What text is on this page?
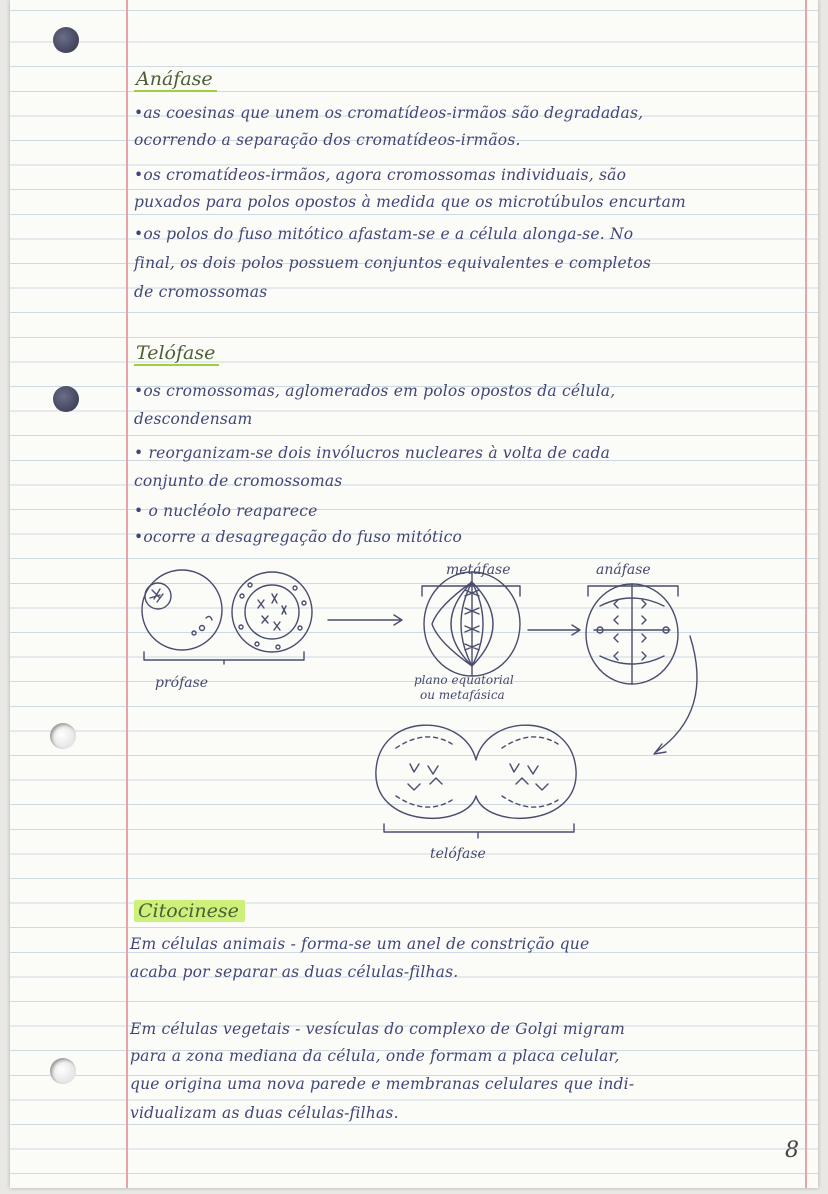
Anáfase
•as coesinas que unem os cromatídeos-irmãos são degradadas,
ocorrendo a separação dos cromatídeos-irmãos.
•os cromatídeos-irmãos, agora cromossomas individuais, são
puxados para polos opostos à medida que os microtúbulos encurtam
•os polos do fuso mitótico afastam-se e a célula alonga-se. No
final, os dois polos possuem conjuntos equivalentes e completos
de cromossomas
Telófase
•os cromossomas, aglomerados em polos opostos da célula,
descondensam
• reorganizam-se dois invólucros nucleares à volta de cada
conjunto de cromossomas
• o nucléolo reaparece
•ocorre a desagregação do fuso mitótico
prófase
metáfase	anáfase
plano equatorial
ou metafásica
telófase
Citocinese
Em células animais - forma-se um anel de constrição que
acaba por separar as duas células-filhas.
Em células vegetais - vesículas do complexo de Golgi migram
para a zona mediana da célula, onde formam a placa celular,
que origina uma nova parede e membranas celulares que indi-
vidualizam as duas células-filhas.
8
